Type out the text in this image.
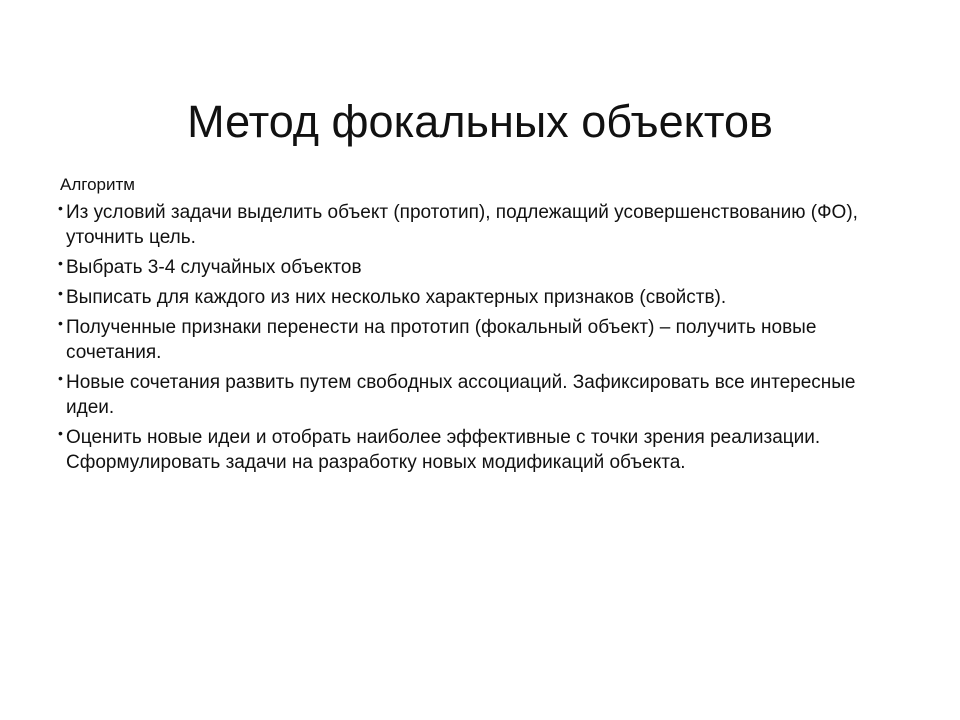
Метод фокальных объектов
Алгоритм
• Из условий задачи выделить объект (прототип), подлежащий усовершенствованию (ФО), уточнить цель.
• Выбрать 3-4 случайных объектов
• Выписать для каждого из них несколько характерных признаков (свойств).
• Полученные признаки перенести на прототип (фокальный объект) – получить новые сочетания.
• Новые сочетания развить путем свободных ассоциаций. Зафиксировать все интересные идеи.
• Оценить новые идеи и отобрать наиболее эффективные с точки зрения реализации. Сформулировать задачи на разработку новых модификаций объекта.
